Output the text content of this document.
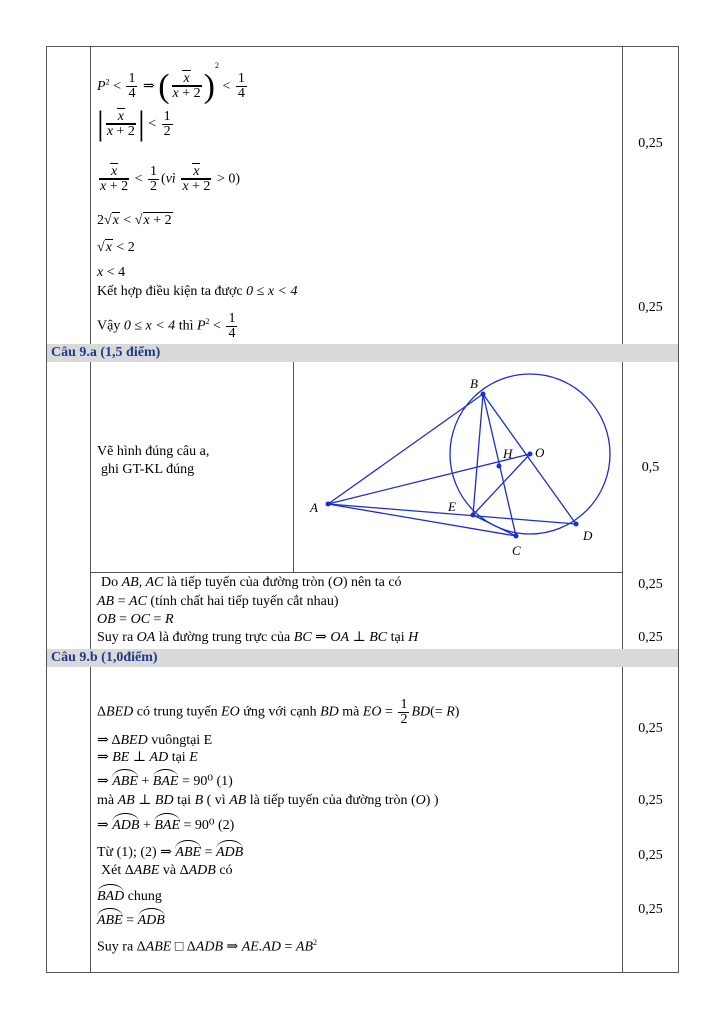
Câu 9.a (1,5 điểm)
Câu 9.b (1,0điểm)
$P^2 < \frac{1}{4}$ ⇒ ( $\frac{x}{x + 2} )^2 < \frac{1}{4}$
| $\frac{x}{x + 2}$ | < $\frac{1}{2}$
$\frac{x}{x + 2} < \frac{1}{2}$ (vì $\frac{x}{x + 2} > 0$)
2√x < √x + 2
√x < 2
x < 4
Kết hợp điều kiện ta được 0 ≤ x < 4
Vậy 0 ≤ x < 4 thì $P^2 < \frac{1}{4}$
0,25
0,25
Vẽ hình đúng câu a,
ghi GT-KL đúng	0,5
A
B
C
D
E
H O
Do AB, AC là tiếp tuyến của đường tròn (O) nên ta có
AB = AC (tính chất hai tiếp tuyến cắt nhau)
OB = OC = R
Suy ra OA là đường trung trực của BC ⇒ OA ⊥ BC tại H
0,25
0,25
ΔBED có trung tuyến EO ứng với cạnh BD mà EO = $\frac{1}{2} BD(= R)$
⇒ ΔBED vuôngtại E
⇒ BE ⊥ AD tại E
⇒ ABE + BAE = 90⁰ (1)
mà AB ⊥ BD tại B ( vì AB là tiếp tuyến của đường tròn (O) )
⇒ ADB + BAE = 90⁰ (2)
Từ (1); (2) ⇒ ABE = ADB
Xét ΔABE và ΔADB có
BAD chung
ABE = ADB
Suy ra ΔABE □ ΔADB ⇒ $AE.AD = AB^2$
0,25
0,25
0,25
0,25
